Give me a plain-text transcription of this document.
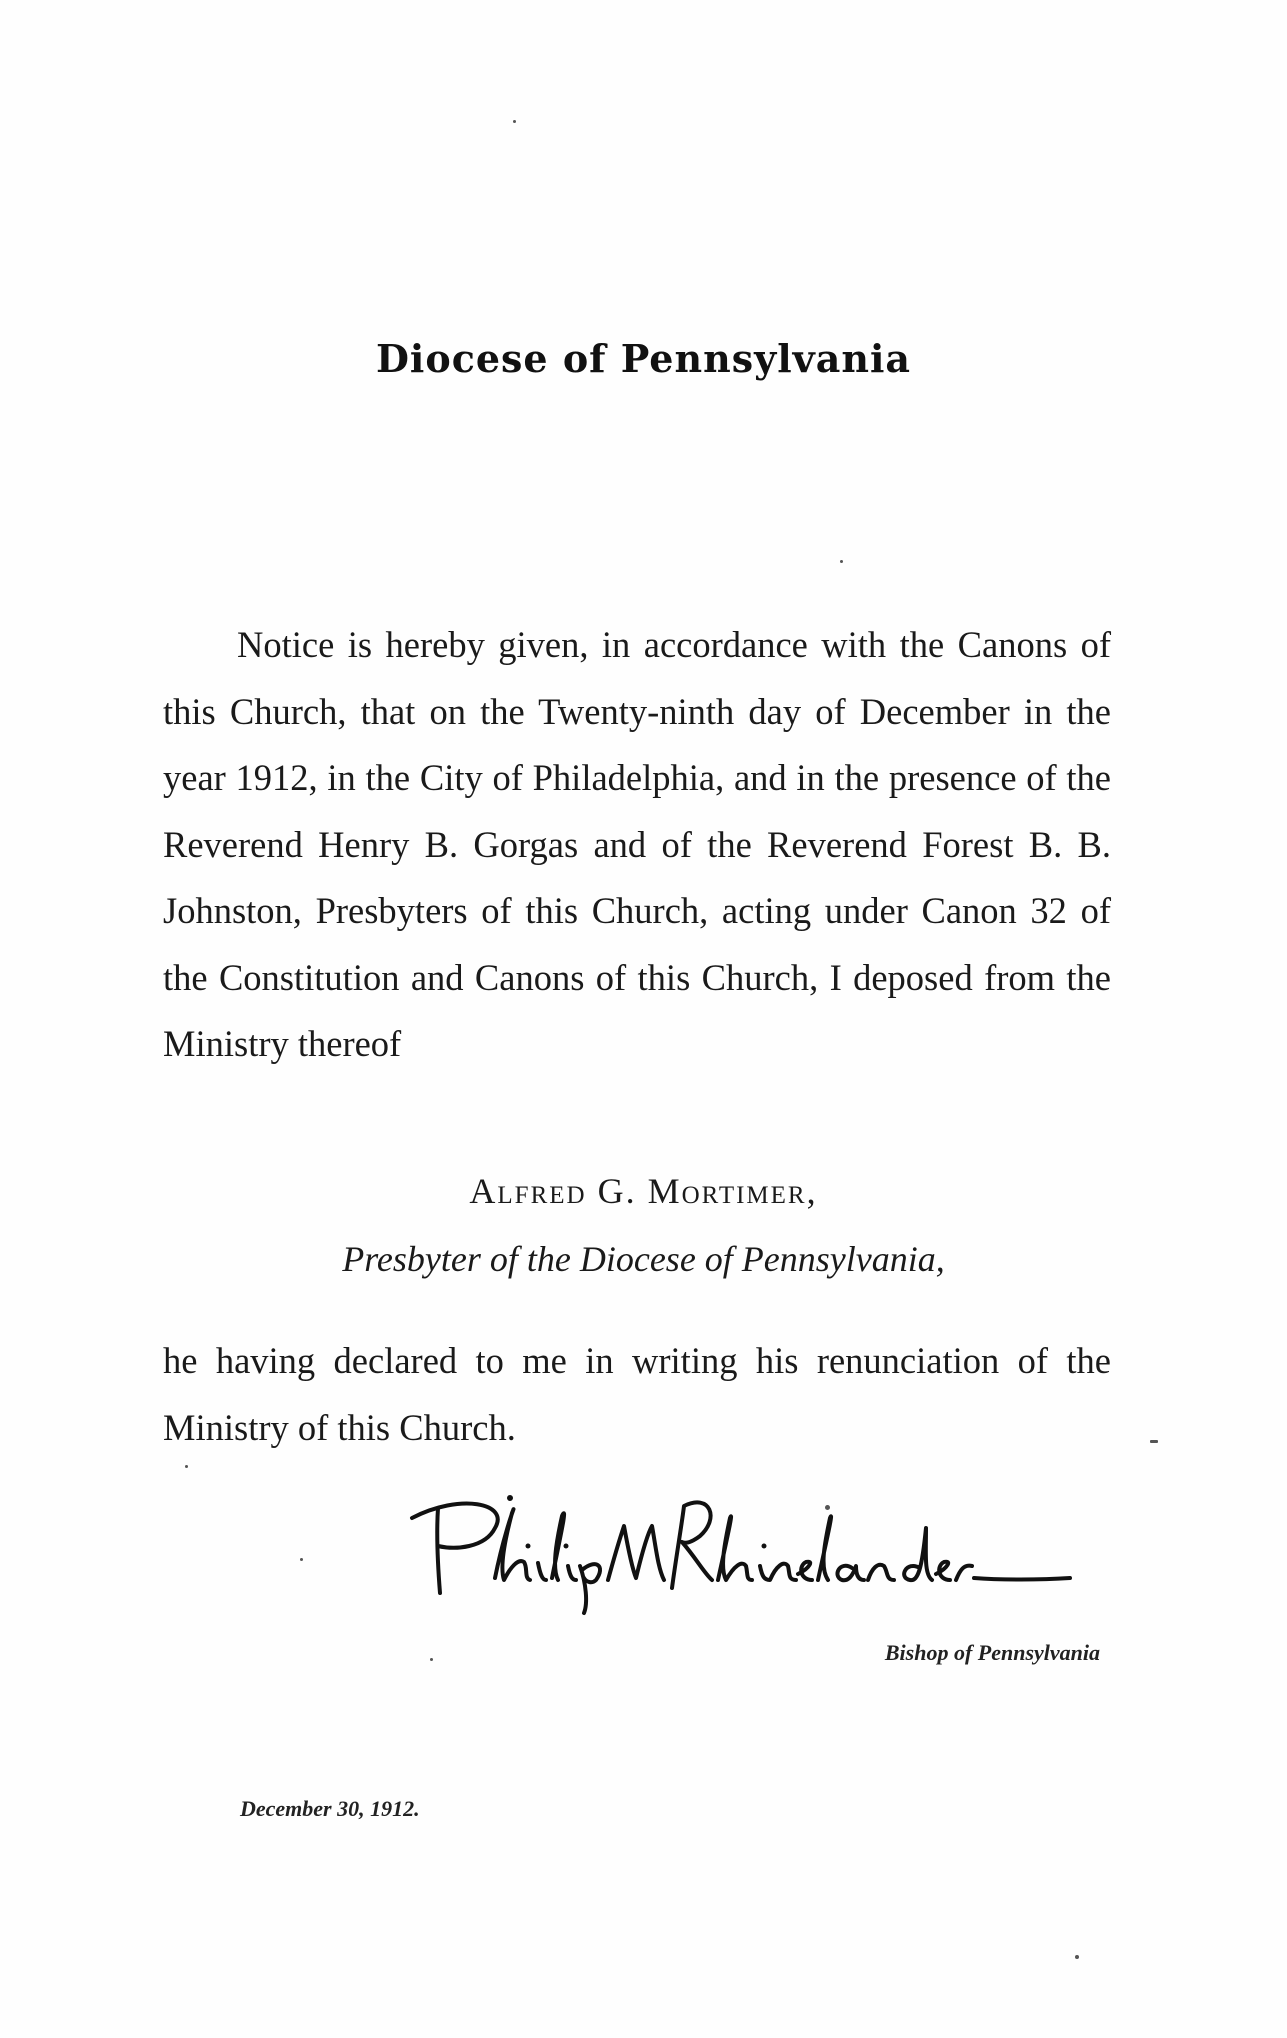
Diocese of Pennsylvania

Notice is hereby given, in accordance with the Canons of this Church, that on the Twenty-ninth day of December in the year 1912, in the City of Philadelphia, and in the presence of the Reverend Henry B. Gorgas and of the Reverend Forest B. B. Johnston, Presbyters of this Church, acting under Canon 32 of the Constitution and Canons of this Church, I deposed from the Ministry thereof

Alfred G. Mortimer,
Presbyter of the Diocese of Pennsylvania,

he having declared to me in writing his renunciation of the Ministry of this Church.

Bishop of Pennsylvania
December 30, 1912.
